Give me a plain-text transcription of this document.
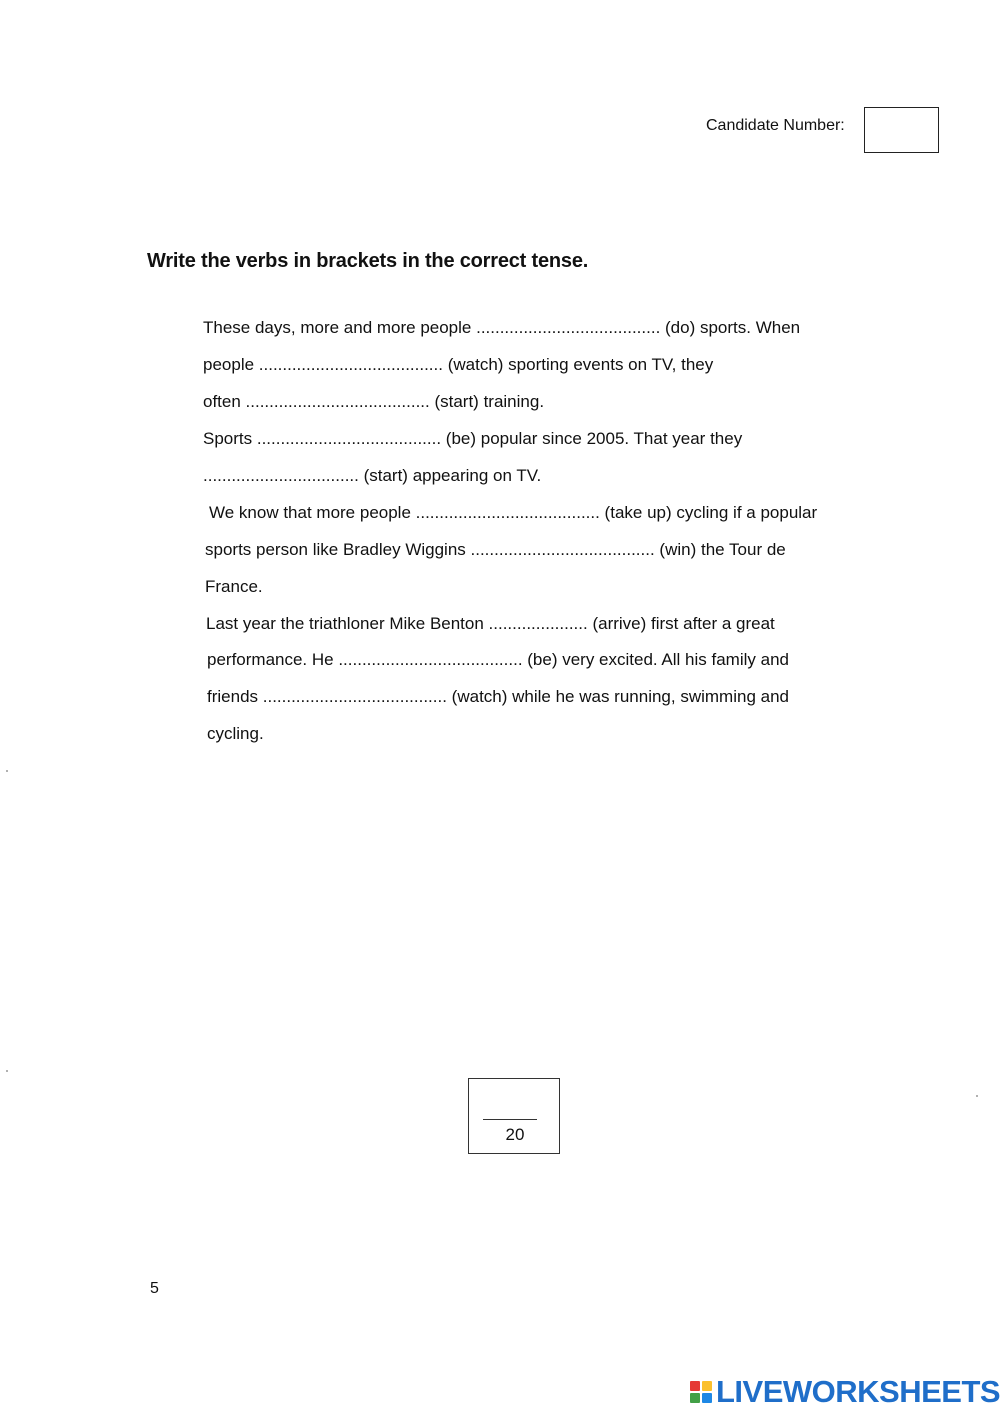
Candidate Number:
Write the verbs in brackets in the correct tense.
These days, more and more people ....................................... (do) sports. When
people ....................................... (watch) sporting events on TV, they
often ....................................... (start) training.
Sports ....................................... (be) popular since 2005. That year they
................................. (start) appearing on TV.
We know that more people ....................................... (take up) cycling if a popular
sports person like Bradley Wiggins ....................................... (win) the Tour de
France.
Last year the triathloner Mike Benton ..................... (arrive) first after a great
performance. He ....................................... (be) very excited. All his family and
friends ....................................... (watch) while he was running, swimming and
cycling.
20
5
LIVEWORKSHEETS
